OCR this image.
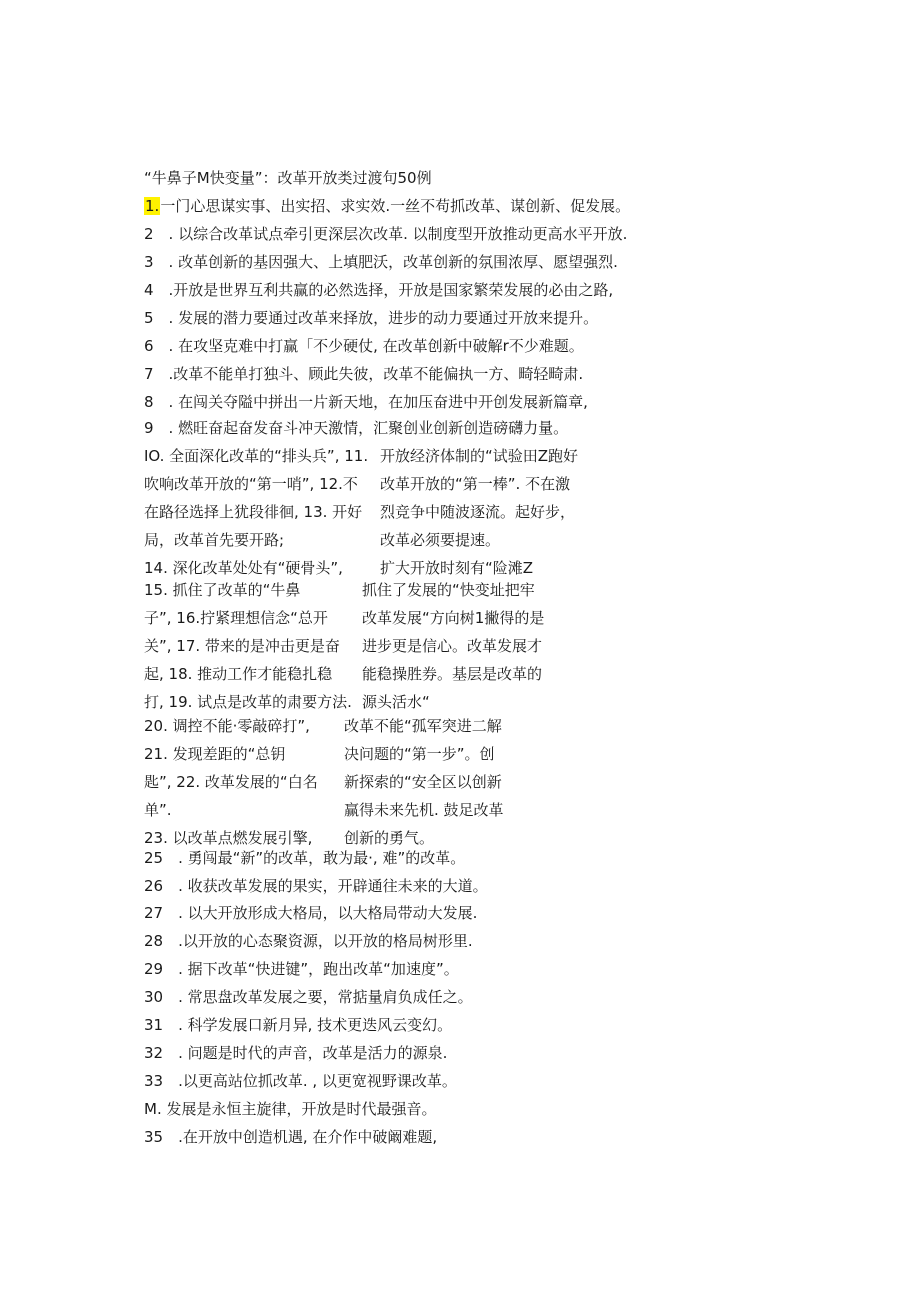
“牛鼻子M快变量”：改革开放类过渡句50例
1.一门心思谋实事、出实招、求实效.一丝不苟抓改革、谋创新、促发展。
2　. 以综合改革试点牵引更深层次改革. 以制度型开放推动更高水平开放.
3　. 改革创新的基因强大、上填肥沃，改革创新的氛围浓厚、愿望强烈.
4　.开放是世界互利共赢的必然选择，开放是国家繁荣发展的必由之路,
5　. 发展的潜力要通过改革来择放，进步的动力要通过开放来提升。
6　. 在攻坚克难中打赢「不少硬仗, 在改革创新中破解r不少难题。
7　.改革不能单打独斗、顾此失彼，改革不能偏执一方、畸轻畸肃.
8　. 在闯关夺隘中拼出一片新天地，在加压奋进中开创发展新篇章,
9　. 燃旺奋起奋发奋斗冲天激情，汇聚创业创新创造磅礴力量。
IO. 全面深化改革的“排头兵”, 11.
吹响改革开放的“第一哨”, 12.不
在路径选择上犹段徘徊, 13. 开好
局，改革首先要开路;
14. 深化改革处处有“硬骨头”,
开放经济体制的“试验田Z跑好
改革开放的“第一棒”. 不在激
烈竞争中随波逐流。起好步，
改革必须要提速。
扩大开放时刻有“险滩Z
15. 抓住了改革的“牛鼻
子”, 16.拧紧理想信念“总开
关”, 17. 带来的是冲击更是奋
起, 18. 推动工作才能稳扎稳
打, 19. 试点是改革的肃要方法.
抓住了发展的“快变址把牢
改革发展“方向树1撇得的是
进步更是信心。改革发展才
能稳操胜券。基层是改革的
源头活水“
20. 调控不能·零敲碎打”,
21. 发现差距的“总钥
匙”, 22. 改革发展的“白名
单”.
23. 以改革点燃发展引擎,
改革不能“孤军突进二解
决问题的“第一步”。创
新探索的“安全区以创新
赢得未来先机. 鼓足改革
创新的勇气。
25　. 勇闯最“新”的改革，敢为最·, 难”的改革。
26　. 收获改革发展的果实，开辟通往未来的大道。
27　. 以大开放形成大格局，以大格局带动大发展.
28　.以开放的心态聚资源，以开放的格局树形里.
29　. 据下改革“快进键”，跑出改革“加速度”。
30　. 常思盘改革发展之要，常掂量肩负成任之。
31　. 科学发展口新月异, 技术更迭风云变幻。
32　. 问题是时代的声音，改革是活力的源泉.
33　.以更高站位抓改革. , 以更宽视野课改革。
M. 发展是永恒主旋律，开放是时代最强音。
35　.在开放中创造机遇, 在介作中破阚难题,
